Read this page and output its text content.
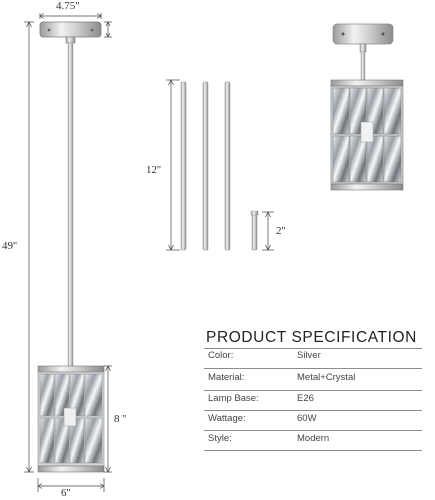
4.75"
49''
12''
2''
8 ''
6''
PRODUCT SPECIFICATION
Color:	Silver
Material:	Metal+Crystal
Lamp Base:	E26
Wattage:	60W
Style:	Modern
